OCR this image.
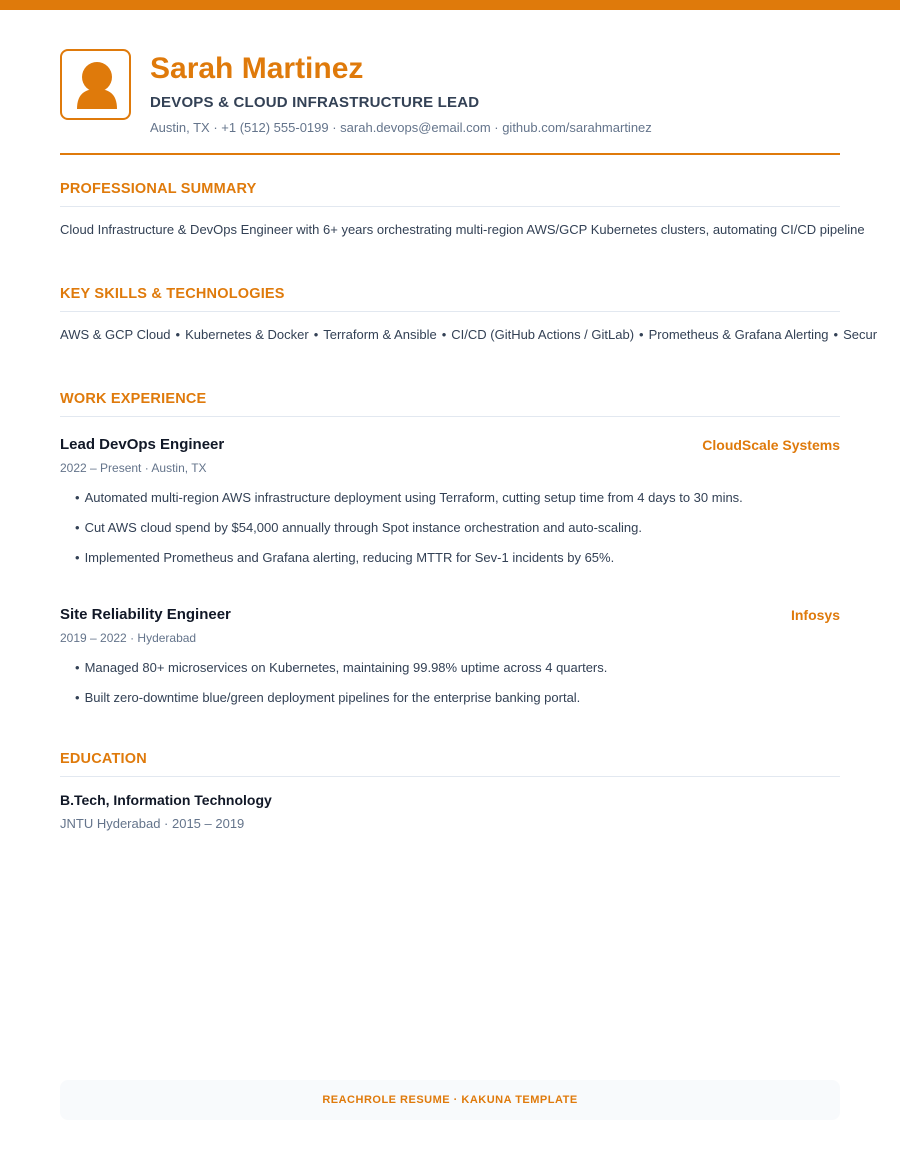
Sarah Martinez
DEVOPS & CLOUD INFRASTRUCTURE LEAD
Austin, TX · +1 (512) 555-0199 · sarah.devops@email.com · github.com/sarahmartinez
PROFESSIONAL SUMMARY
Cloud Infrastructure & DevOps Engineer with 6+ years orchestrating multi-region AWS/GCP Kubernetes clusters, automating CI/CD pipeline
KEY SKILLS & TECHNOLOGIES
AWS & GCP Cloud • Kubernetes & Docker • Terraform & Ansible • CI/CD (GitHub Actions / GitLab) • Prometheus & Grafana Alerting • Secur
WORK EXPERIENCE
Lead DevOps Engineer	CloudScale Systems
2022 – Present · Austin, TX
• Automated multi-region AWS infrastructure deployment using Terraform, cutting setup time from 4 days to 30 mins.
• Cut AWS cloud spend by $54,000 annually through Spot instance orchestration and auto-scaling.
• Implemented Prometheus and Grafana alerting, reducing MTTR for Sev-1 incidents by 65%.
Site Reliability Engineer	Infosys
2019 – 2022 · Hyderabad
• Managed 80+ microservices on Kubernetes, maintaining 99.98% uptime across 4 quarters.
• Built zero-downtime blue/green deployment pipelines for the enterprise banking portal.
EDUCATION
B.Tech, Information Technology
JNTU Hyderabad · 2015 – 2019
REACHROLE RESUME · KAKUNA TEMPLATE
